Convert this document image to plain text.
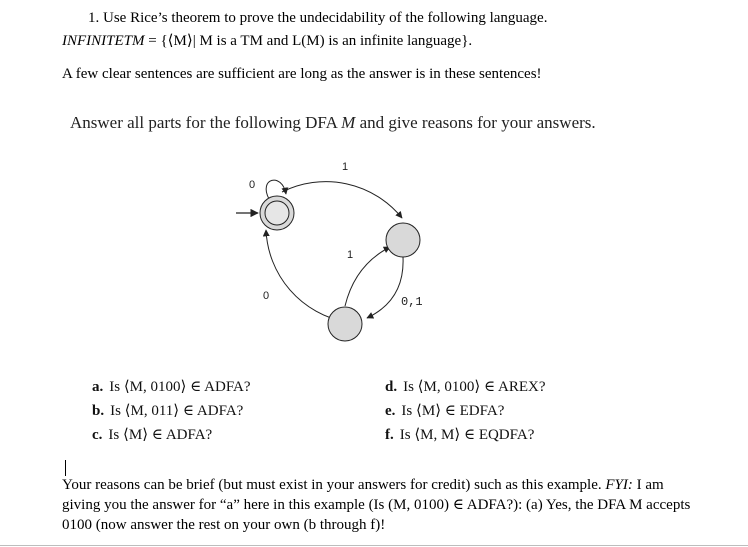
1. Use Rice’s theorem to prove the undecidability of the following language.
INFINITETM = {⟨M⟩| M is a TM and L(M) is an infinite language}.
A few clear sentences are sufficient are long as the answer is in these sentences!
Answer all parts for the following DFA M and give reasons for your answers.
0
1
1
0	0,1
a. Is ⟨M, 0100⟩ ∈ ADFA?
b. Is ⟨M, 011⟩ ∈ ADFA?
c. Is ⟨M⟩ ∈ ADFA?
d. Is ⟨M, 0100⟩ ∈ AREX?
e. Is ⟨M⟩ ∈ EDFA?
f. Is ⟨M, M⟩ ∈ EQDFA?
Your reasons can be brief (but must exist in your answers for credit) such as this example. FYI: I am giving you the answer for “a” here in this example (Is (M, 0100) ∈ ADFA?): (a) Yes, the DFA M accepts 0100 (now answer the rest on your own (b through f)!
